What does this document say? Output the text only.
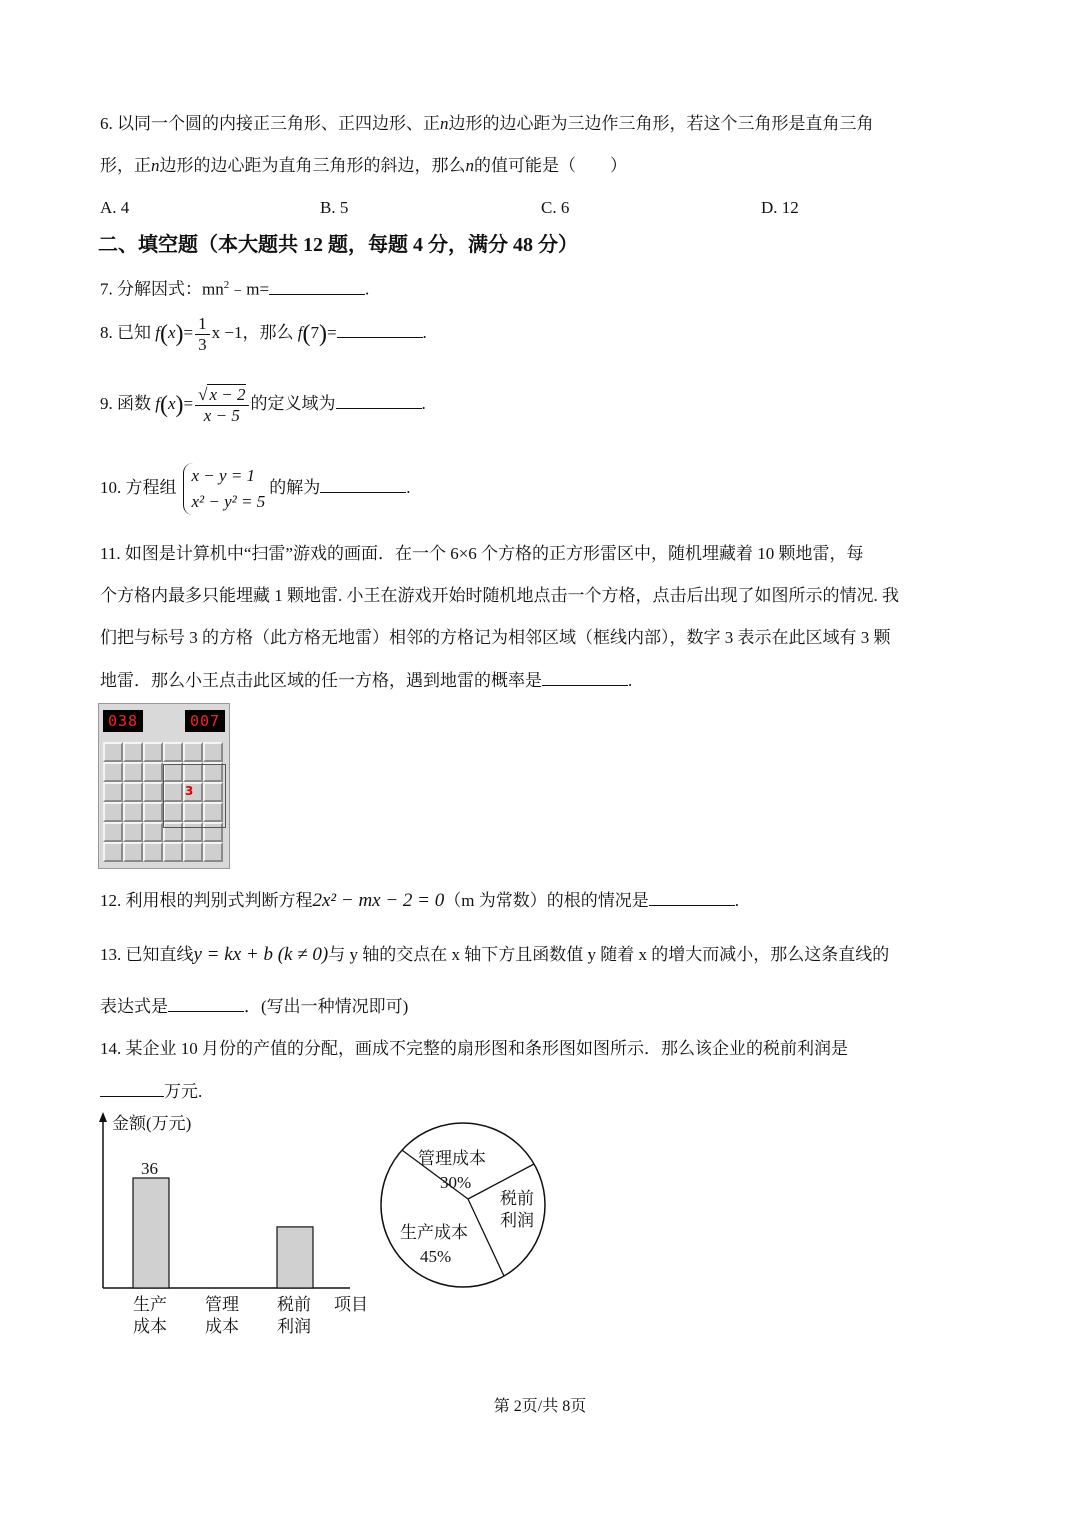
6. 以同一个圆的内接正三角形、正四边形、正n边形的边心距为三边作三角形，若这个三角形是直角三角
形，正n边形的边心距为直角三角形的斜边，那么n的值可能是（　　）
A. 4	B. 5	C. 6	D. 12
二、填空题（本大题共 12 题，每题 4 分，满分 48 分）
7. 分解因式：$mn^2﹣m=$	.
8. 已知 $f(x)= \frac{1}{3}$ x −1，那么 f(7)=	.
9. 函数 $f(x)= \frac{√ x - 2}{x - 5}$ 的定义域为	.
10. 方程组
x − y = 1
x² − y² = 5
的解为	.
11. 如图是计算机中“扫雷”游戏的画面．在一个 6×6 个方格的正方形雷区中，随机埋藏着 10 颗地雷，每
个方格内最多只能埋藏 1 颗地雷. 小王在游戏开始时随机地点击一个方格，点击后出现了如图所示的情况. 我
们把与标号 3 的方格（此方格无地雷）相邻的方格记为相邻区域（框线内部），数字 3 表示在此区域有 3 颗
地雷．那么小王点击此区域的任一方格，遇到地雷的概率是	.
038	007
3
12. 利用根的判别式判断方程2x² − mx − 2 = 0（m 为常数）的根的情况是	.
13. 已知直线y = kx + b (k ≠ 0)与 y 轴的交点在 x 轴下方且函数值 y 随着 x 的增大而减小，那么这条直线的
表达式是	．(写出一种情况即可)
14. 某企业 10 月份的产值的分配，画成不完整的扇形图和条形图如图所示．那么该企业的税前利润是
万元.
金额(万元)
项目
36
生产
成本
管理
成本
税前
利润
管理成本
30%
税前利润
生产成本
45%
第 2页/共 8页
